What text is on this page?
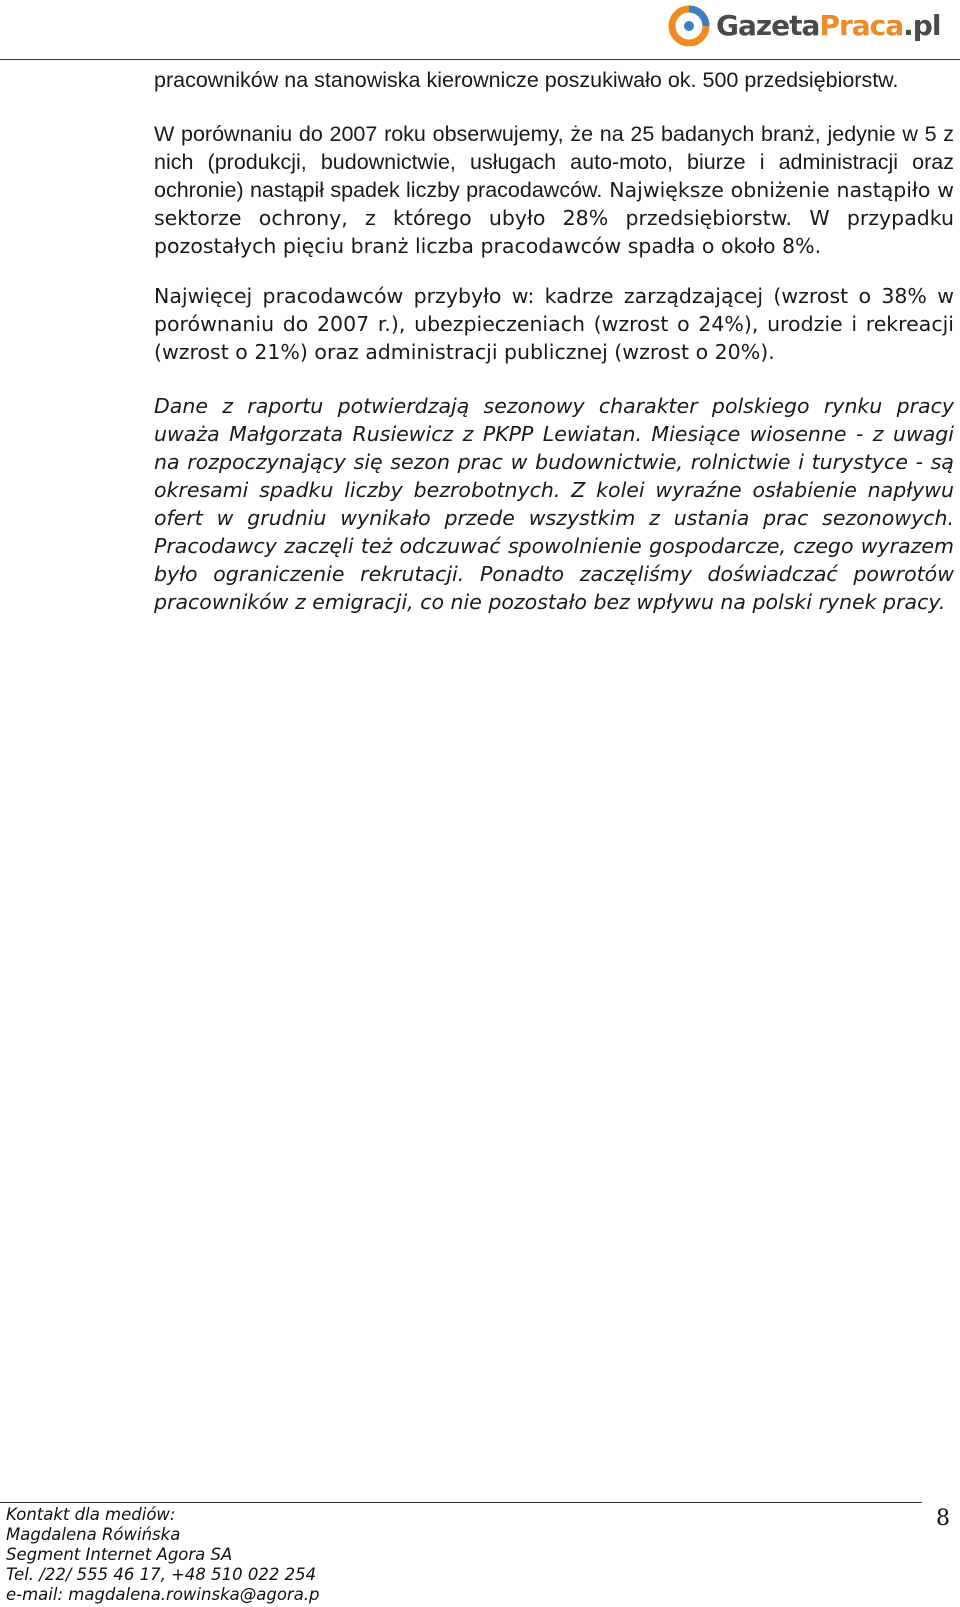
GazetaPraca.pl

pracowników na stanowiska kierownicze poszukiwało ok. 500 przedsiębiorstw.

W porównaniu do 2007 roku obserwujemy, że na 25 badanych branż, jedynie w 5 z nich (produkcji, budownictwie, usługach auto-moto, biurze i administracji oraz ochronie) nastąpił spadek liczby pracodawców. Największe obniżenie nastąpiło w sektorze ochrony, z którego ubyło 28% przedsiębiorstw. W przypadku pozostałych pięciu branż liczba pracodawców spadła o około 8%.

Najwięcej pracodawców przybyło w: kadrze zarządzającej (wzrost o 38% w porównaniu do 2007 r.), ubezpieczeniach (wzrost o 24%), urodzie i rekreacji (wzrost o 21%) oraz administracji publicznej (wzrost o 20%).

Dane z raportu potwierdzają sezonowy charakter polskiego rynku pracy uważa Małgorzata Rusiewicz z PKPP Lewiatan. Miesiące wiosenne - z uwagi na rozpoczynający się sezon prac w budownictwie, rolnictwie i turystyce - są okresami spadku liczby bezrobotnych. Z kolei wyraźne osłabienie napływu ofert w grudniu wynikało przede wszystkim z ustania prac sezonowych. Pracodawcy zaczęli też odczuwać spowolnienie gospodarcze, czego wyrazem było ograniczenie rekrutacji. Ponadto zaczęliśmy doświadczać powrotów pracowników z emigracji, co nie pozostało bez wpływu na polski rynek pracy.

Kontakt dla mediów:
Magdalena Rówińska
Segment Internet Agora SA
Tel. /22/ 555 46 17, +48 510 022 254
e-mail: magdalena.rowinska@agora.p
8
